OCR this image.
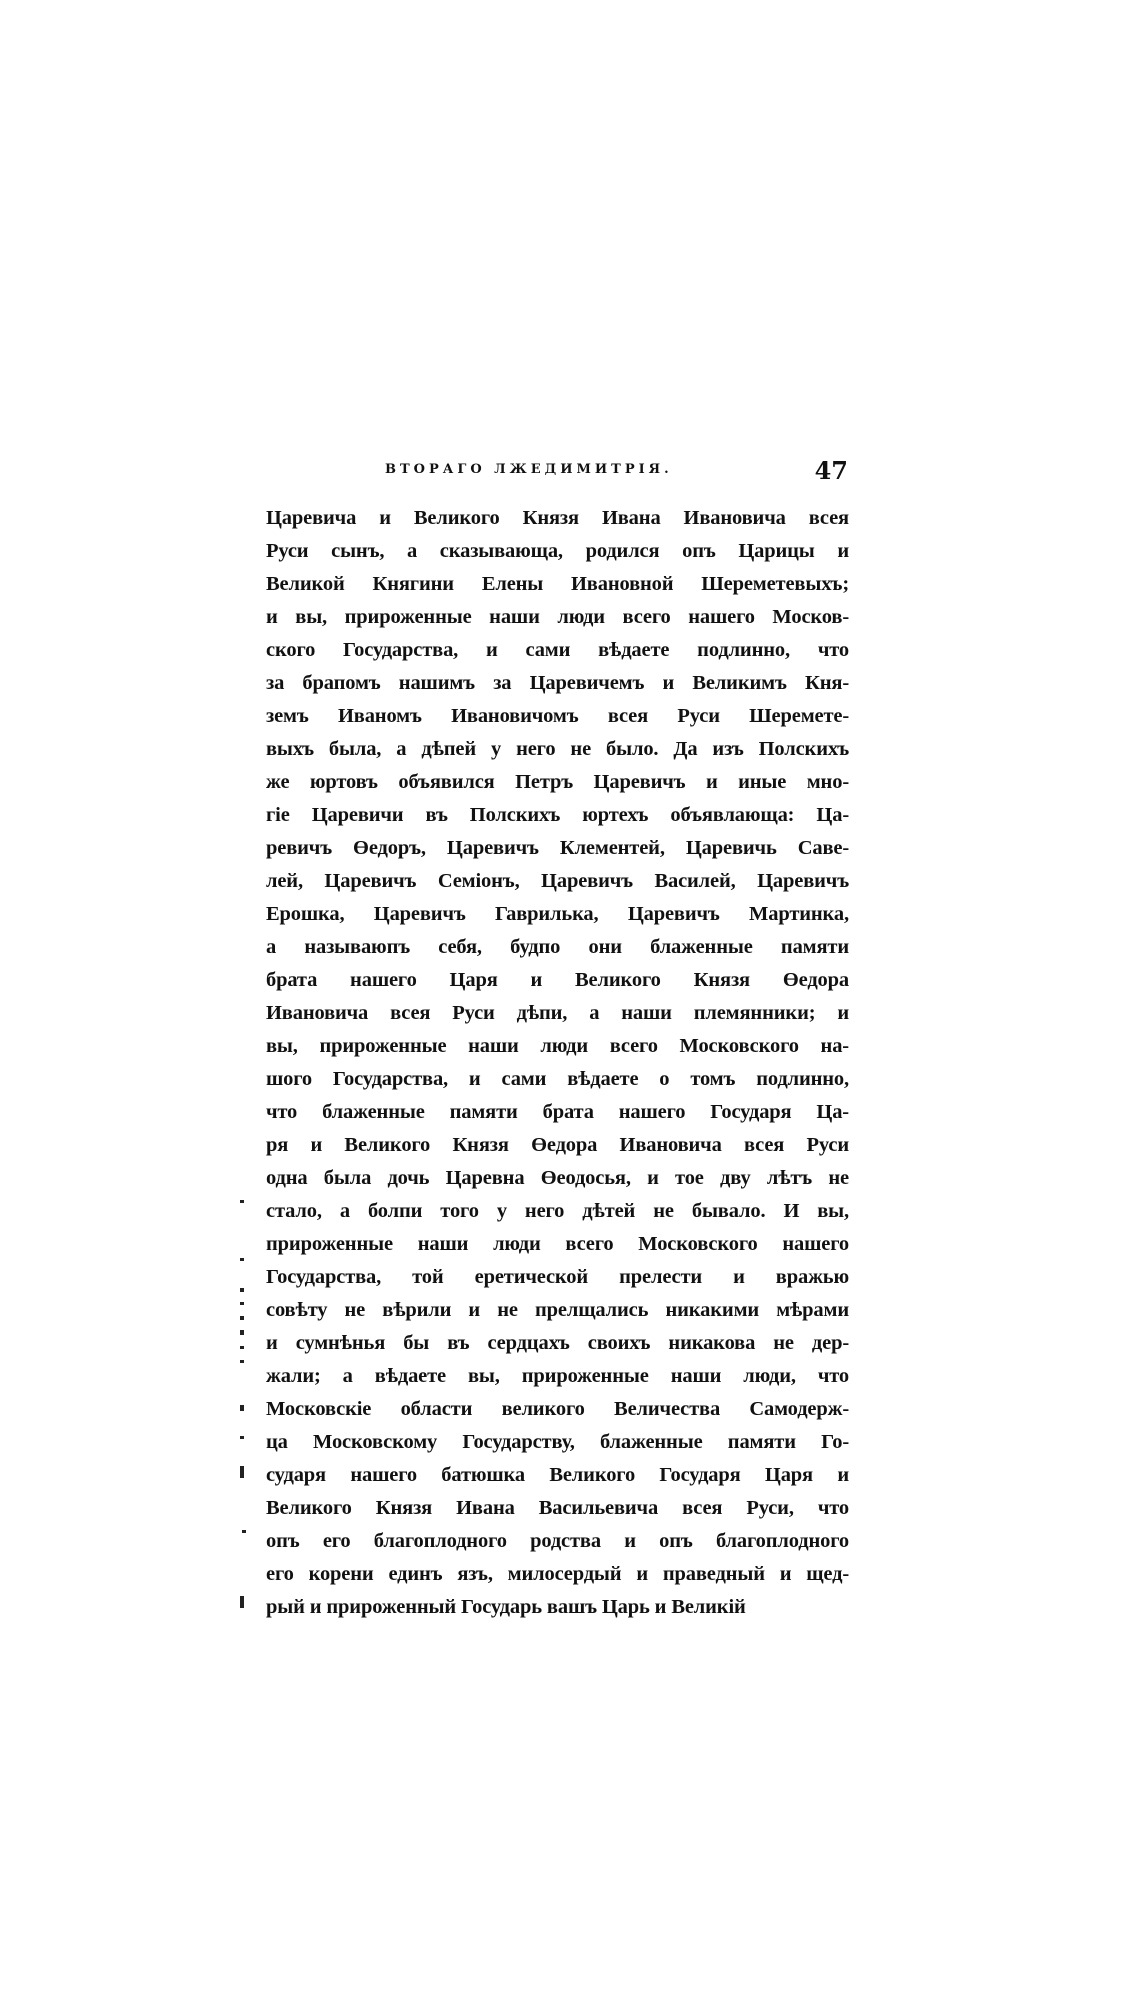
ВТОРАГО ЛЖЕДИМИТРІЯ.	47
Царевича и Великого Князя Ивана Ивановича всея
Руси сынъ, а сказывающа, родился опъ Царицы и
Великой Княгини Елены Ивановной Шереметевыхъ;
и вы, прироженные наши люди всего нашего Москов-
ского Государства, и сами вѣдаете подлинно, что
за брапомъ нашимъ за Царевичемъ и Великимъ Кня-
земъ Иваномъ Ивановичомъ всея Руси Шеремете-
выхъ была, а дѣпей у него не было. Да изъ Полскихъ
же юртовъ объявился Петръ Царевичъ и иные мно-
гіе Царевичи въ Полскихъ юртехъ объявлающа: Ца-
ревичъ Өедоръ, Царевичъ Клементей, Царевичь Саве-
лей, Царевичъ Семіонъ, Царевичъ Василей, Царевичъ
Ерошка, Царевичъ Гаврилька, Царевичъ Мартинка,
а называюпъ себя, будпо они блаженные памяти
брата нашего Царя и Великого Князя Өедора
Ивановича всея Руси дѣпи, а наши племянники; и
вы, прироженные наши люди всего Московского на-
шого Государства, и сами вѣдаете о томъ подлинно,
что блаженные памяти брата нашего Государя Ца-
ря и Великого Князя Өедора Ивановича всея Руси
одна была дочь Царевна Өеодосья, и тое дву лѣтъ не
стало, а болпи того у него дѣтей не бывало. И вы,
прироженные наши люди всего Московского нашего
Государства, той еретической прелести и вражью
совѣту не вѣрили и не прелщались никакими мѣрами
и сумнѣнья бы въ сердцахъ своихъ никакова не дер-
жали; а вѣдаете вы, прироженные наши люди, что
Московскіе области великого Величества Самодерж-
ца Московскому Государству, блаженные памяти Го-
сударя нашего батюшка Великого Государя Царя и
Великого Князя Ивана Васильевича всея Руси, что
опъ его благоплодного родства и опъ благоплодного
его корени единъ язъ, милосердый и праведный и щед-
рый и прироженный Государь вашъ Царь и Великій
